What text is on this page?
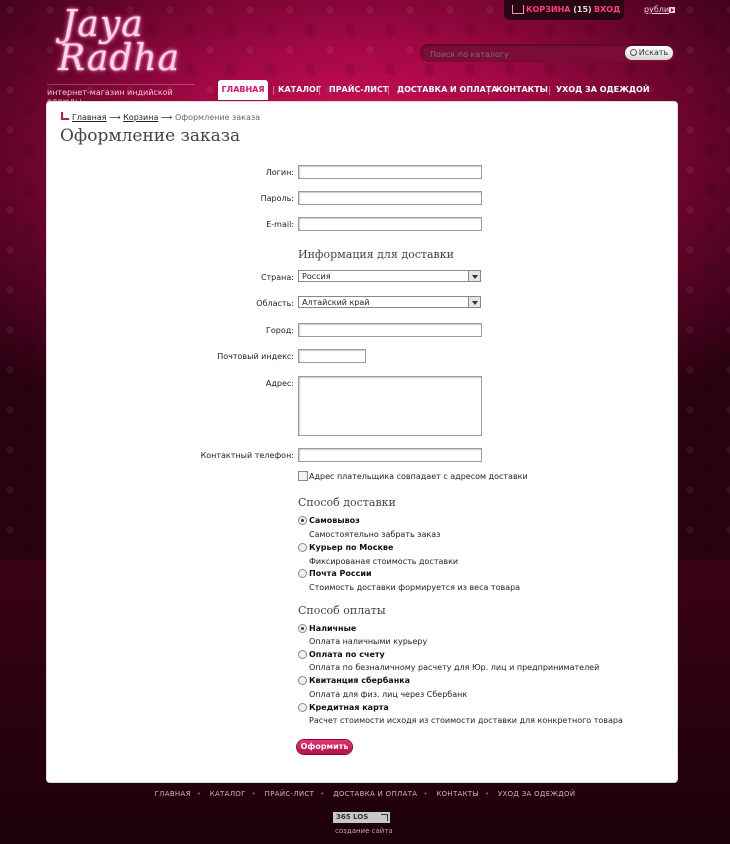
Jaya
Radha
интернет-магазин индийской
КОРЗИНА (15) ВХОД	рубли
Поиск по каталогу
Искать
ГЛАВНАЯ	КАТАЛОГ ПРАЙС-ЛИСТ ДОСТАВКА И ОПЛАТА
КОНТАКТЫ УХОД ЗА ОДЕЖДОЙ
Главная ⟶ Корзина ⟶ Оформление заказа
Оформление заказа
Логин:
Пароль:
E-mail:
Информация для доставки
Страна:	Россия
Область:	Алтайский край
Город:
Почтовый индекс:
Адрес:
Контактный телефон:
Адрес плательщика совпадает с адресом доставки
Способ доставки
Самовывоз
Самостоятельно забрать заказ
Курьер по Москве
Фиксированая стоимость доставки
Почта России
Стоимость доставки формируется из веса товара
Способ оплаты
Наличные
Оплата наличными курьеру
Оплата по счету
Оплата по безналичному расчету для Юр. лиц и предпринимателей
Квитанция сбербанка
Оплата для физ. лиц через Сбербанк
Кредитная карта
Расчет стоимости исходя из стоимости доставки для конкретного товара
Оформить
ГЛАВНАЯ • КАТАЛОГ • ПРАЙС-ЛИСТ • ДОСТАВКА И ОПЛАТА • КОНТАКТЫ • УХОД ЗА ОДЕЖДОЙ
365 LOS
создание сайта
